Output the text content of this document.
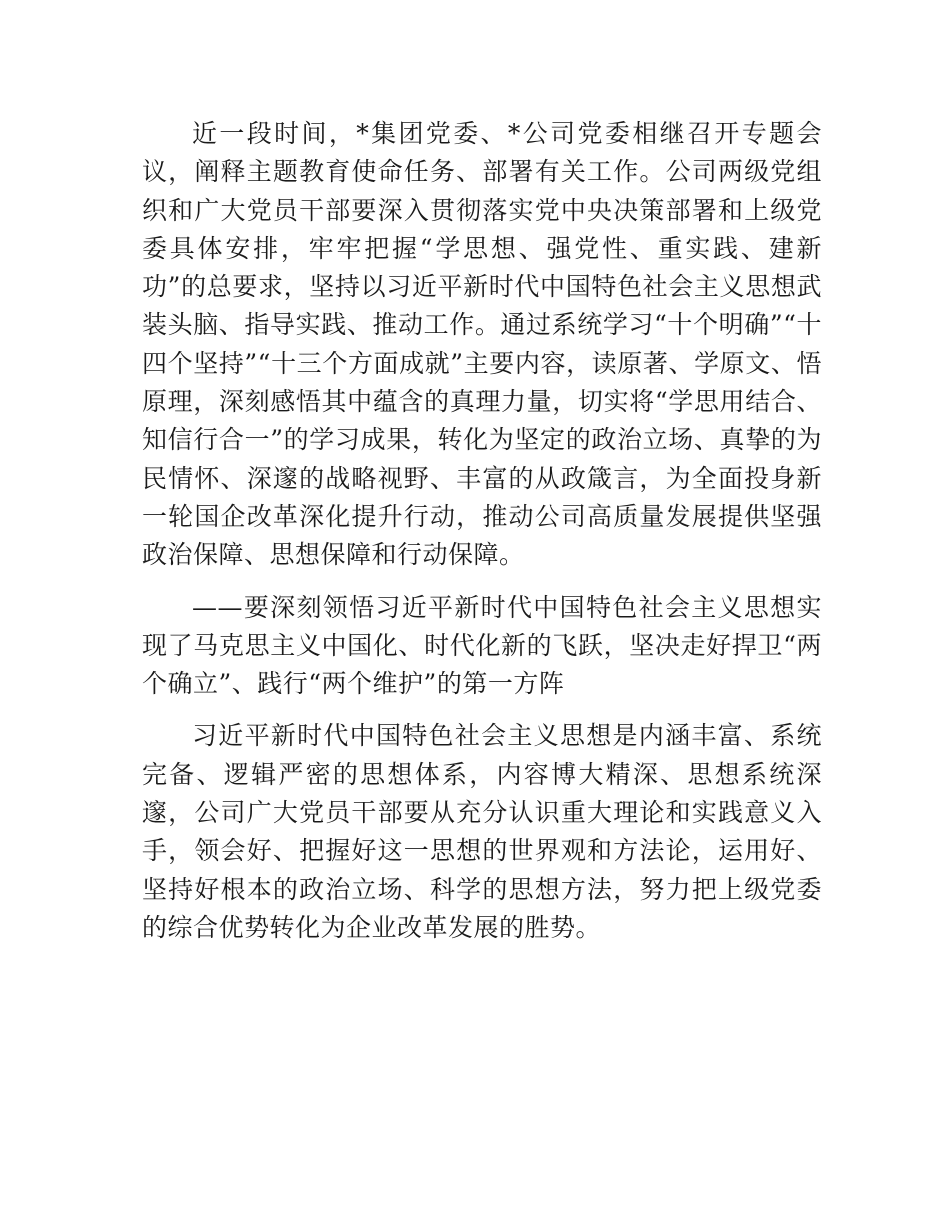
近一段时间，*集团党委、*公司党委相继召开专题会议，阐释主题教育使命任务、部署有关工作。公司两级党组织和广大党员干部要深入贯彻落实党中央决策部署和上级党委具体安排，牢牢把握“学思想、强党性、重实践、建新功”的总要求，坚持以习近平新时代中国特色社会主义思想武装头脑、指导实践、推动工作。通过系统学习“十个明确”“十四个坚持”“十三个方面成就”主要内容，读原著、学原文、悟原理，深刻感悟其中蕴含的真理力量，切实将“学思用结合、知信行合一”的学习成果，转化为坚定的政治立场、真挚的为民情怀、深邃的战略视野、丰富的从政箴言，为全面投身新一轮国企改革深化提升行动，推动公司高质量发展提供坚强政治保障、思想保障和行动保障。

——要深刻领悟习近平新时代中国特色社会主义思想实现了马克思主义中国化、时代化新的飞跃，坚决走好捍卫“两个确立”、践行“两个维护”的第一方阵

习近平新时代中国特色社会主义思想是内涵丰富、系统完备、逻辑严密的思想体系，内容博大精深、思想系统深邃，公司广大党员干部要从充分认识重大理论和实践意义入手，领会好、把握好这一思想的世界观和方法论，运用好、坚持好根本的政治立场、科学的思想方法，努力把上级党委的综合优势转化为企业改革发展的胜势。
